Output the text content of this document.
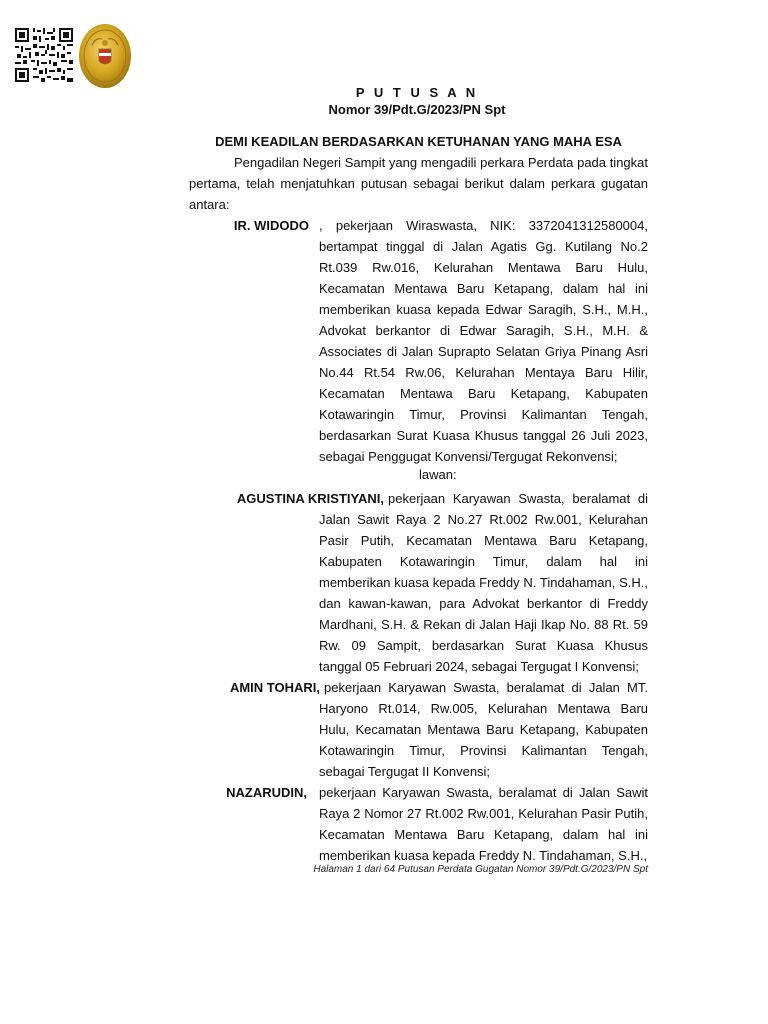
P U T U S A N
Nomor 39/Pdt.G/2023/PN Spt
DEMI KEADILAN BERDASARKAN KETUHANAN YANG MAHA ESA
Pengadilan Negeri Sampit yang mengadili perkara Perdata pada tingkat pertama, telah menjatuhkan putusan sebagai berikut dalam perkara gugatan antara:
IR. WIDODO , pekerjaan Wiraswasta, NIK: 3372041312580004, bertampat tinggal di Jalan Agatis Gg. Kutilang No.2 Rt.039 Rw.016, Kelurahan Mentawa Baru Hulu, Kecamatan Mentawa Baru Ketapang, dalam hal ini memberikan kuasa kepada Edwar Saragih, S.H., M.H., Advokat berkantor di Edwar Saragih, S.H., M.H. & Associates di Jalan Suprapto Selatan Griya Pinang Asri No.44 Rt.54 Rw.06, Kelurahan Mentaya Baru Hilir, Kecamatan Mentawa Baru Ketapang, Kabupaten Kotawaringin Timur, Provinsi Kalimantan Tengah, berdasarkan Surat Kuasa Khusus tanggal 26 Juli 2023, sebagai Penggugat Konvensi/Tergugat Rekonvensi;
lawan:
AGUSTINA KRISTIYANI, pekerjaan Karyawan Swasta, beralamat di Jalan Sawit Raya 2 No.27 Rt.002 Rw.001, Kelurahan Pasir Putih, Kecamatan Mentawa Baru Ketapang, Kabupaten Kotawaringin Timur, dalam hal ini memberikan kuasa kepada Freddy N. Tindahaman, S.H., dan kawan-kawan, para Advokat berkantor di Freddy Mardhani, S.H. & Rekan di Jalan Haji Ikap No. 88 Rt. 59 Rw. 09 Sampit, berdasarkan Surat Kuasa Khusus tanggal 05 Februari 2024, sebagai Tergugat I Konvensi;
AMIN TOHARI, pekerjaan Karyawan Swasta, beralamat di Jalan MT. Haryono Rt.014, Rw.005, Kelurahan Mentawa Baru Hulu, Kecamatan Mentawa Baru Ketapang, Kabupaten Kotawaringin Timur, Provinsi Kalimantan Tengah, sebagai Tergugat II Konvensi;
NAZARUDIN, pekerjaan Karyawan Swasta, beralamat di Jalan Sawit Raya 2 Nomor 27 Rt.002 Rw.001, Kelurahan Pasir Putih, Kecamatan Mentawa Baru Ketapang, dalam hal ini memberikan kuasa kepada Freddy N. Tindahaman, S.H.,
Halaman 1 dari 64 Putusan Perdata Gugatan Nomor 39/Pdt.G/2023/PN Spt
